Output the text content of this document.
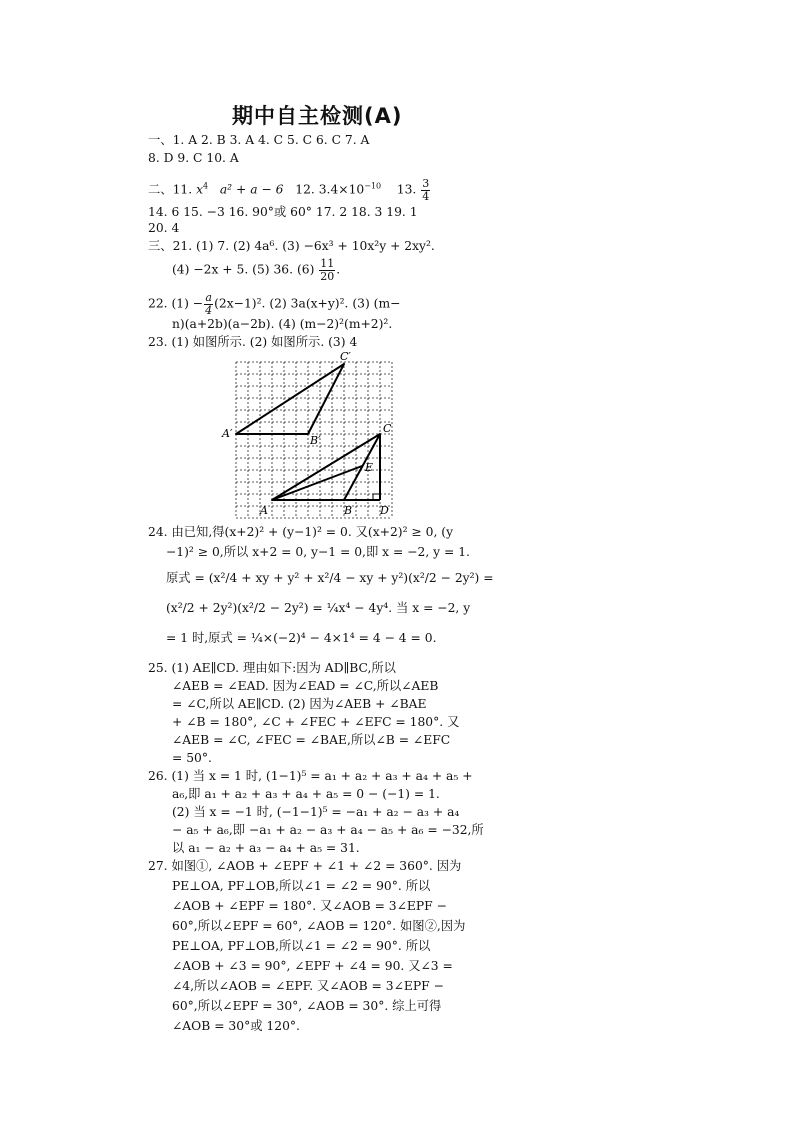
期中自主检测(A)
一、1. A 2. B 3. A 4. C 5. C 6. C 7. A
8. D 9. C 10. A
二、11. $x^4$ a² + a − 6 12. $3.4\times 10^{-10}$ 13. $\frac{3}{4}$
14. 6 15. −3 16. 90°或 60° 17. 2 18. 3 19. 1
20. 4
三、21. (1) 7. (2) 4a⁶. (3) −6x³ + 10x²y + 2xy².
(4) −2x + 5. (5) 36. $(6) \frac{11}{20}$ .
22. $(1) - \frac{a}{4} (2x-1)^2$. (2) 3a(x+y)². (3) (m−
n)(a+2b)(a−2b). (4) (m−2)²(m+2)².
23. (1) 如图所示. (2) 如图所示. (3) 4
A′
B′
C′
C
E
A	B	D
24. 由已知,得(x+2)² + (y−1)² = 0. 又(x+2)² ≥ 0, (y
−1)² ≥ 0,所以 x+2 = 0, y−1 = 0,即 x = −2, y = 1.
原式 = (x²/4 + xy + y² + x²/4 − xy + y²)(x²/2 − 2y²) =
(x²/2 + 2y²)(x²/2 − 2y²) = ¼x⁴ − 4y⁴. 当 x = −2, y
= 1 时,原式 = ¼×(−2)⁴ − 4×1⁴ = 4 − 4 = 0.
25. (1) AE∥CD. 理由如下:因为 AD∥BC,所以
∠AEB = ∠EAD. 因为∠EAD = ∠C,所以∠AEB
= ∠C,所以 AE∥CD. (2) 因为∠AEB + ∠BAE
+ ∠B = 180°, ∠C + ∠FEC + ∠EFC = 180°. 又
∠AEB = ∠C, ∠FEC = ∠BAE,所以∠B = ∠EFC
= 50°.
26. (1) 当 x = 1 时, (1−1)⁵ = a₁ + a₂ + a₃ + a₄ + a₅ +
a₆,即 a₁ + a₂ + a₃ + a₄ + a₅ = 0 − (−1) = 1.
(2) 当 x = −1 时, (−1−1)⁵ = −a₁ + a₂ − a₃ + a₄
− a₅ + a₆,即 −a₁ + a₂ − a₃ + a₄ − a₅ + a₆ = −32,所
以 a₁ − a₂ + a₃ − a₄ + a₅ = 31.
27. 如图①, ∠AOB + ∠EPF + ∠1 + ∠2 = 360°. 因为
PE⊥OA, PF⊥OB,所以∠1 = ∠2 = 90°. 所以
∠AOB + ∠EPF = 180°. 又∠AOB = 3∠EPF −
60°,所以∠EPF = 60°, ∠AOB = 120°. 如图②,因为
PE⊥OA, PF⊥OB,所以∠1 = ∠2 = 90°. 所以
∠AOB + ∠3 = 90°, ∠EPF + ∠4 = 90. 又∠3 =
∠4,所以∠AOB = ∠EPF. 又∠AOB = 3∠EPF −
60°,所以∠EPF = 30°, ∠AOB = 30°. 综上可得
∠AOB = 30°或 120°.
